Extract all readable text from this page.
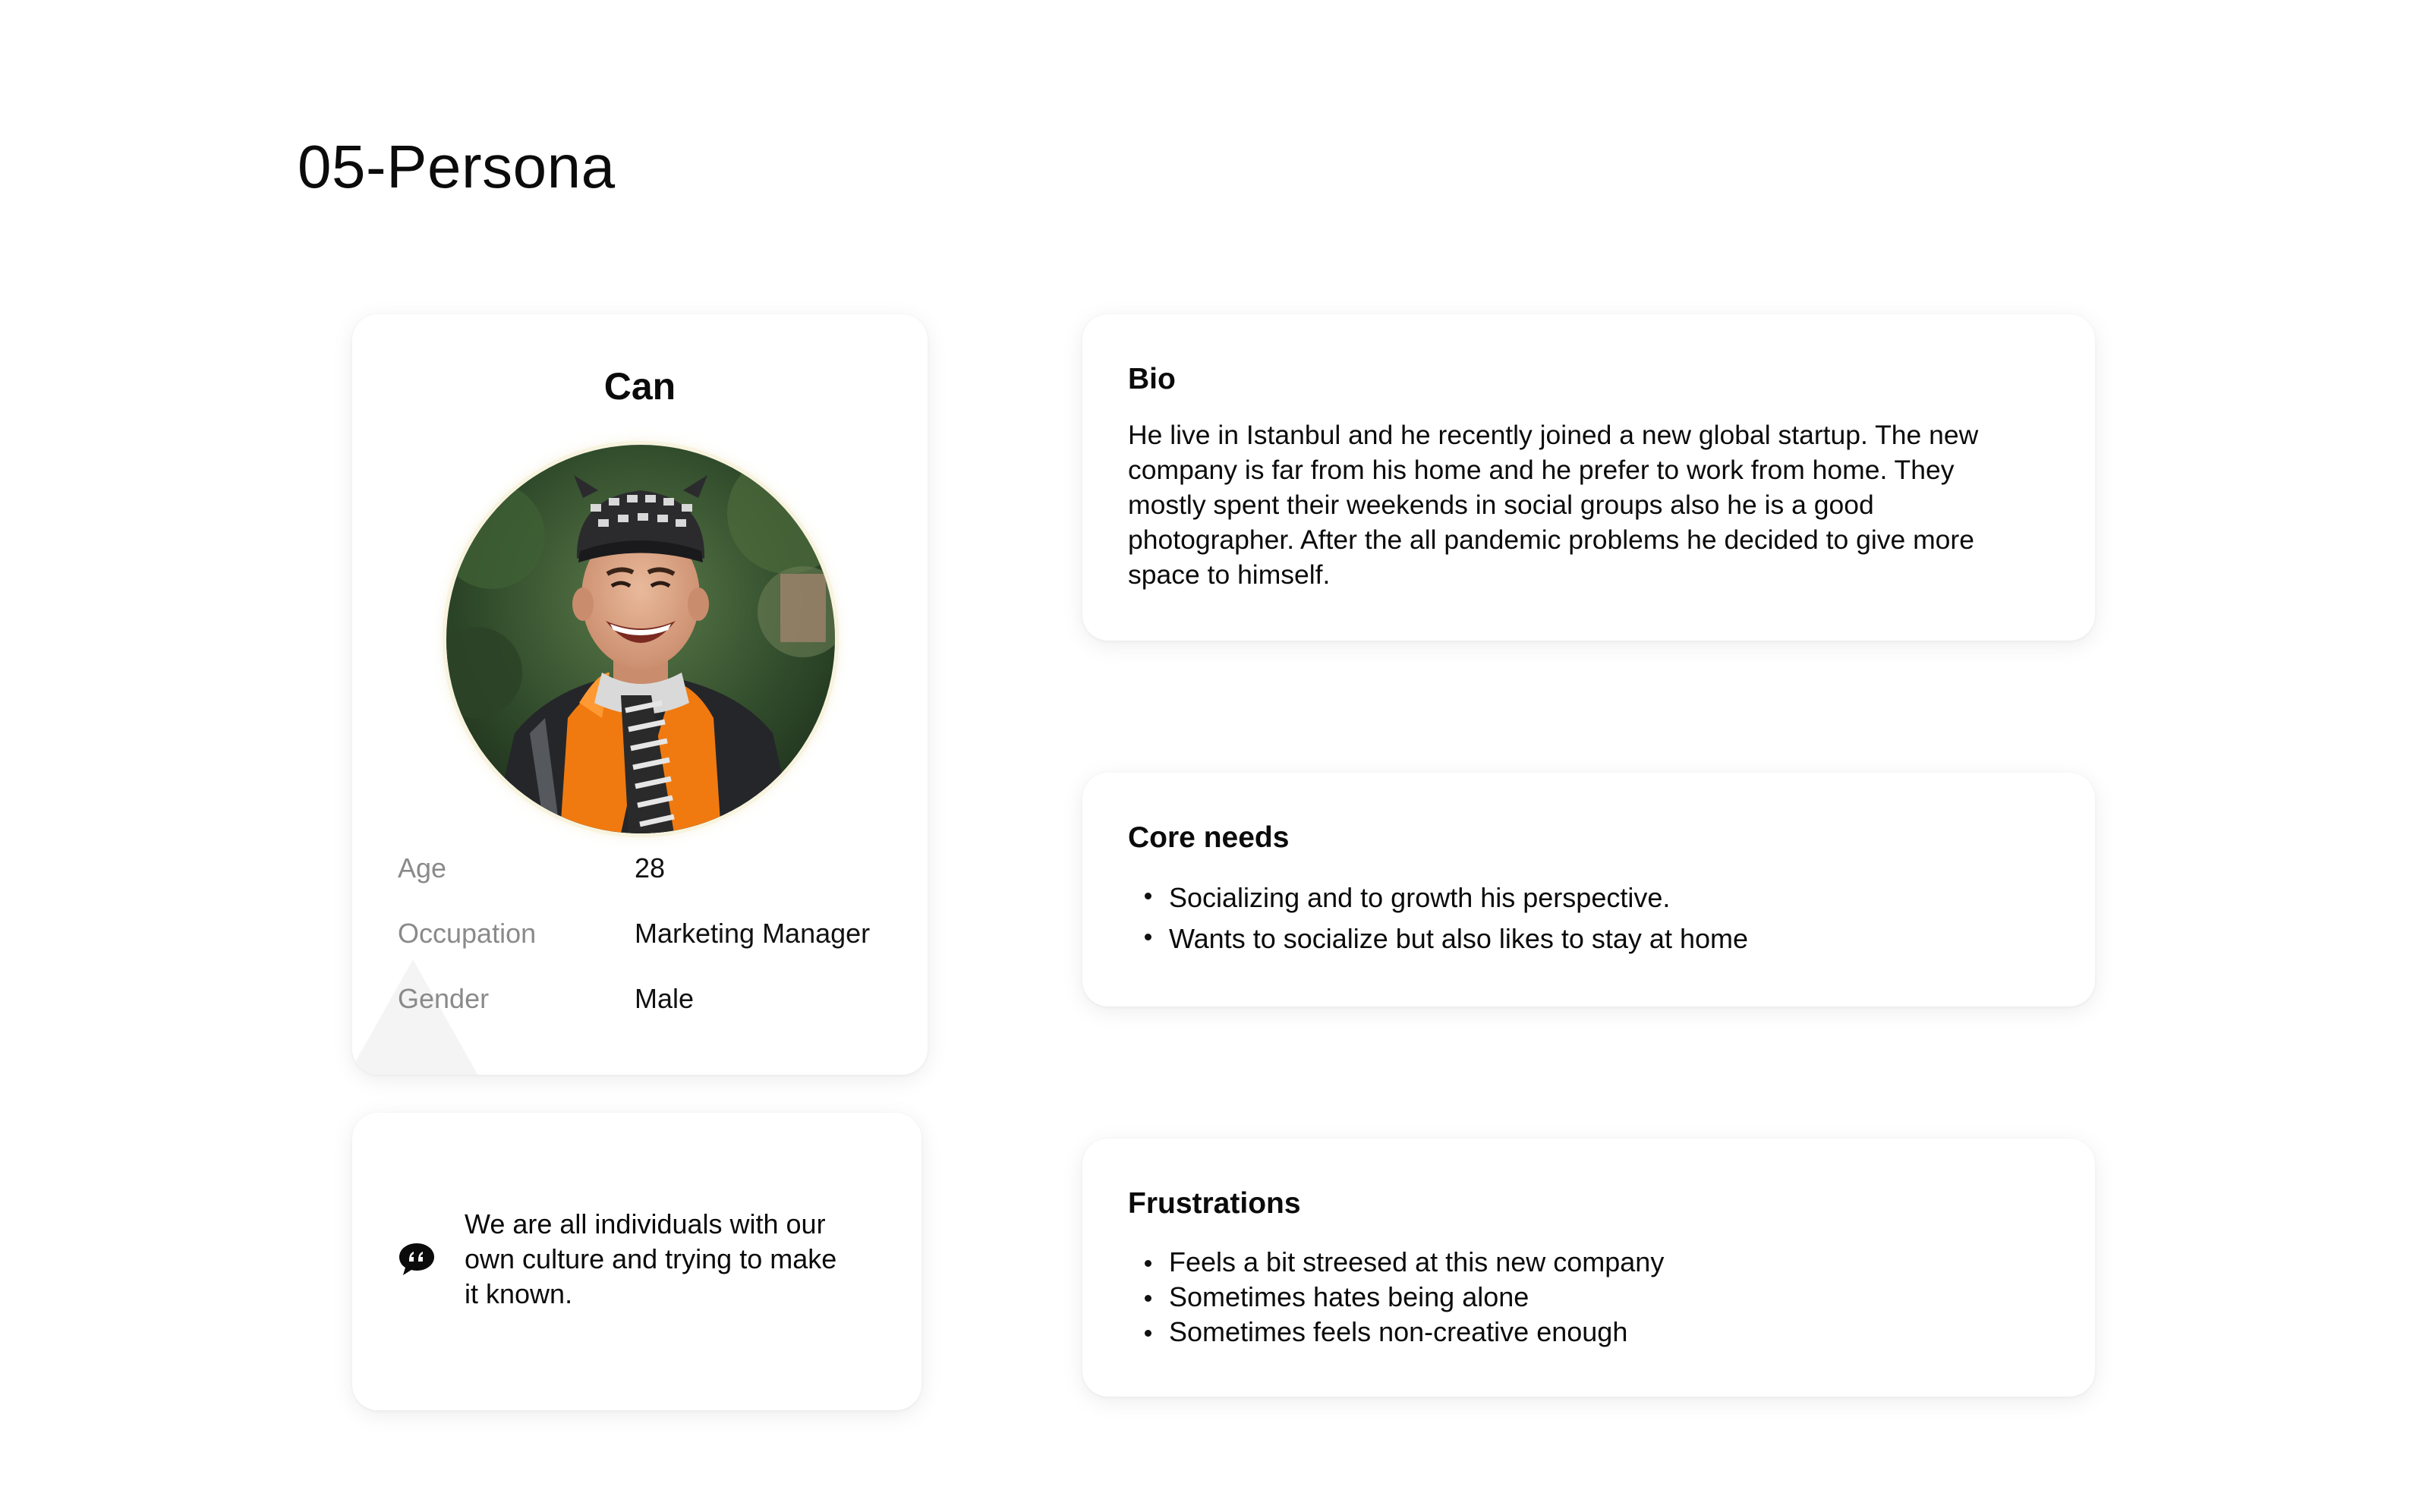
05-Persona
Can
Age	28
Occupation	Marketing Manager
Gender	Male

We are all individuals with our
own culture and trying to make
it known.

Bio

He live in Istanbul and he recently joined a new global startup. The new
company is far from his home and he prefer to work from home. They
mostly spent their weekends in social groups also he is a good
photographer. After the all pandemic problems he decided to give more
space to himself.

Core needs
Socializing and to growth his perspective.
Wants to socialize but also likes to stay at home
Frustrations
Feels a bit streesed at this new company
Sometimes hates being alone
Sometimes feels non-creative enough
